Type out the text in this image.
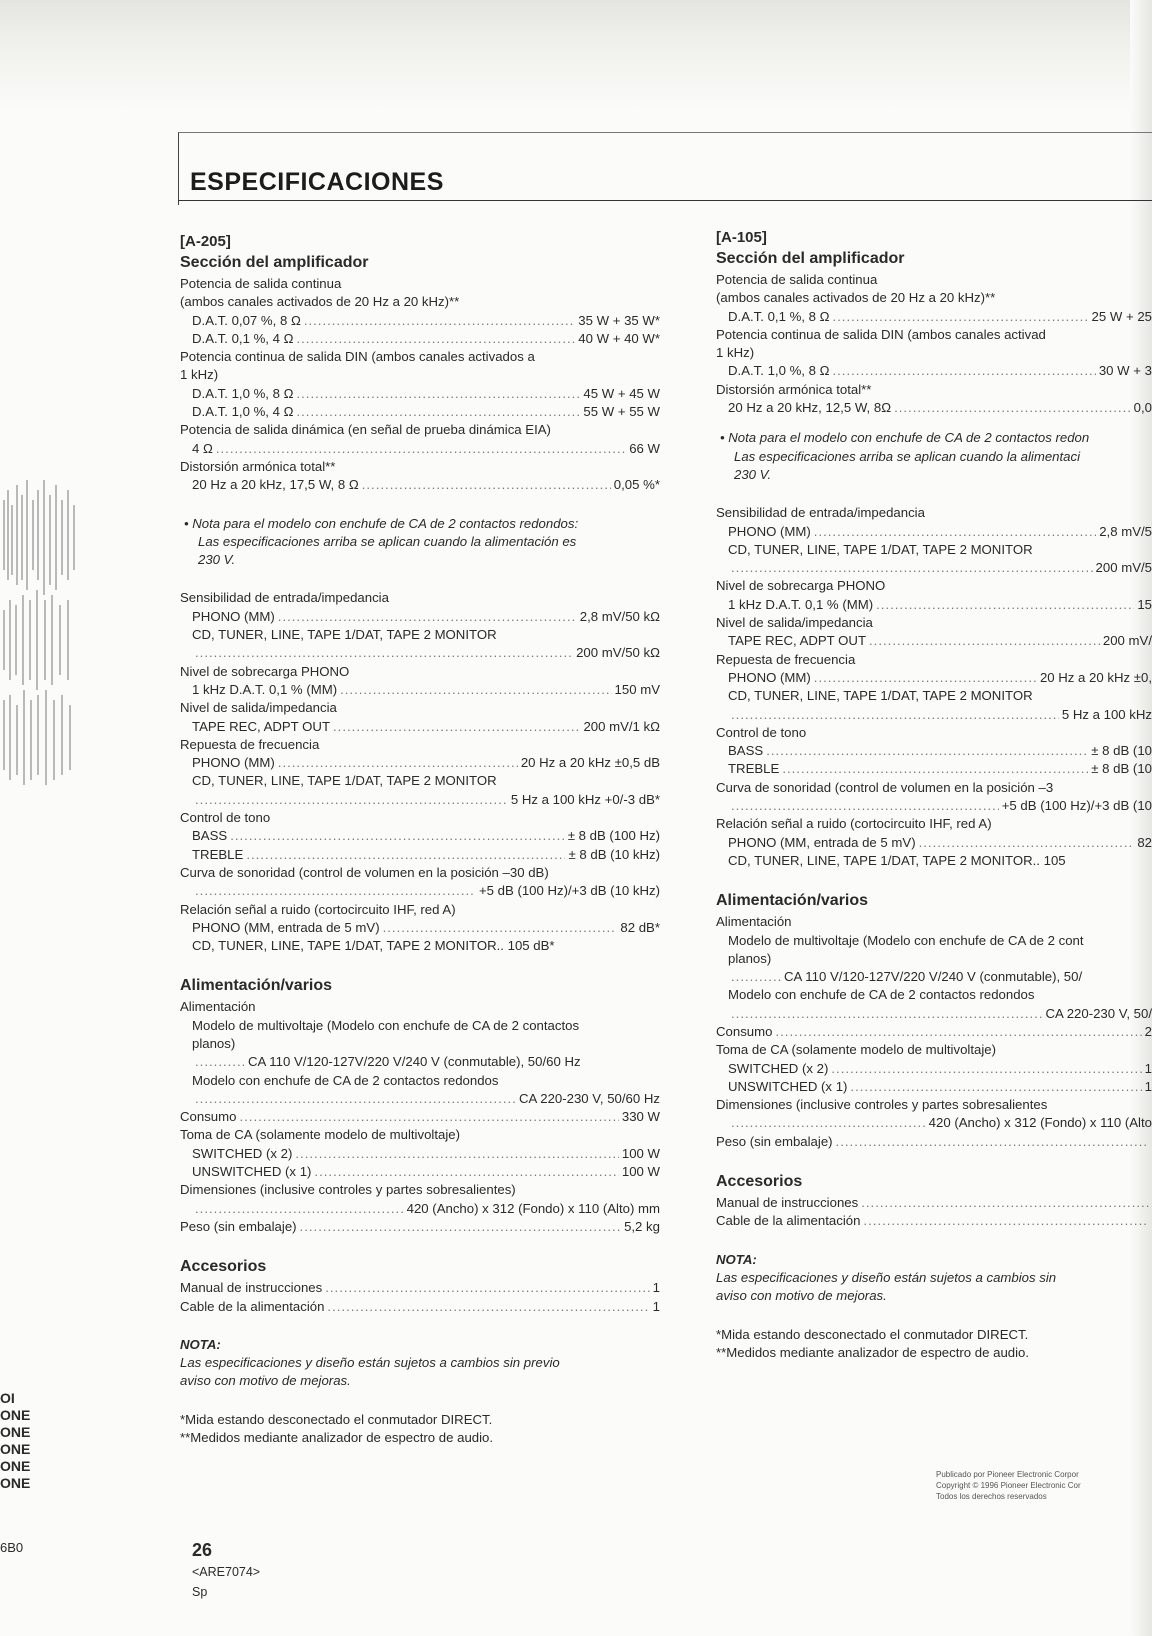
ESPECIFICACIONES
[A-205]
Sección del amplificador
Potencia de salida continua
(ambos canales activados de 20 Hz a 20 kHz)**
D.A.T. 0,07 %, 8 Ω .....	35 W + 35 W*
D.A.T. 0,1 %, 4 Ω .....	40 W + 40 W*
Potencia continua de salida DIN (ambos canales activados a
1 kHz)
D.A.T. 1,0 %, 8 Ω .....	45 W + 45 W
D.A.T. 1,0 %, 4 Ω .....	55 W + 55 W
Potencia de salida dinámica (en señal de prueba dinámica EIA)
4 Ω .....	66 W
Distorsión armónica total**
20 Hz a 20 kHz, 17,5 W, 8 Ω .....	0,05 %*
• Nota para el modelo con enchufe de CA de 2 contactos redondos:
Las especificaciones arriba se aplican cuando la alimentación es
230 V.
Sensibilidad de entrada/impedancia
PHONO (MM) .....	2,8 mV/50 kΩ
CD, TUNER, LINE, TAPE 1/DAT, TAPE 2 MONITOR
.....
200 mV/50 kΩ
Nivel de sobrecarga PHONO
1 kHz D.A.T. 0,1 % (MM) .....	150 mV
Nivel de salida/impedancia
TAPE REC, ADPT OUT .....	200 mV/1 kΩ
Repuesta de frecuencia
PHONO (MM) .....	20 Hz a 20 kHz ±0,5 dB
CD, TUNER, LINE, TAPE 1/DAT, TAPE 2 MONITOR
.....
5 Hz a 100 kHz +0/-3 dB*
Control de tono
BASS .....	± 8 dB (100 Hz)
TREBLE .....	± 8 dB (10 kHz)
Curva de sonoridad (control de volumen en la posición –30 dB)
.....
+5 dB (100 Hz)/+3 dB (10 kHz)
Relación señal a ruido (cortocircuito IHF, red A)
PHONO (MM, entrada de 5 mV) .....	82 dB*
CD, TUNER, LINE, TAPE 1/DAT, TAPE 2 MONITOR..
105 dB*
Alimentación/varios
Alimentación
Modelo de multivoltaje (Modelo con enchufe de CA de 2 contactos
planos)
.....
CA 110 V/120-127V/220 V/240 V (conmutable), 50/60 Hz
Modelo con enchufe de CA de 2 contactos redondos
.....
CA 220-230 V, 50/60 Hz
Consumo .....	330 W
Toma de CA (solamente modelo de multivoltaje)
SWITCHED (x 2) .....	100 W
UNSWITCHED (x 1) .....	100 W
Dimensiones (inclusive controles y partes sobresalientes)
.....
420 (Ancho) x 312 (Fondo) x 110 (Alto) mm
Peso (sin embalaje) .....	5,2 kg
Accesorios
Manual de instrucciones .....	1
Cable de la alimentación .....	1
NOTA:
Las especificaciones y diseño están sujetos a cambios sin previo
aviso con motivo de mejoras.
*Mida estando desconectado el conmutador DIRECT.
**Medidos mediante analizador de espectro de audio.
[A-105]
Sección del amplificador
Potencia de salida continua
(ambos canales activados de 20 Hz a 20 kHz)**
D.A.T. 0,1 %, 8 Ω .....	25 W + 25
Potencia continua de salida DIN (ambos canales activad
1 kHz)
D.A.T. 1,0 %, 8 Ω .....	30 W + 3
Distorsión armónica total**
20 Hz a 20 kHz, 12,5 W, 8Ω .....	0,0
• Nota para el modelo con enchufe de CA de 2 contactos redon
Las especificaciones arriba se aplican cuando la alimentaci
230 V.
Sensibilidad de entrada/impedancia
PHONO (MM) .....	2,8 mV/5
CD, TUNER, LINE, TAPE 1/DAT, TAPE 2 MONITOR
.....
200 mV/5
Nivel de sobrecarga PHONO
1 kHz D.A.T. 0,1 % (MM) .....	15
Nivel de salida/impedancia
TAPE REC, ADPT OUT .....	200 mV/
Repuesta de frecuencia
PHONO (MM) .....	20 Hz a 20 kHz ±0,
CD, TUNER, LINE, TAPE 1/DAT, TAPE 2 MONITOR
.....
5 Hz a 100 kHz
Control de tono
BASS .....	± 8 dB (10
TREBLE .....	± 8 dB (10
Curva de sonoridad (control de volumen en la posición –3
.....
+5 dB (100 Hz)/+3 dB (10
Relación señal a ruido (cortocircuito IHF, red A)
PHONO (MM, entrada de 5 mV) .....	82
CD, TUNER, LINE, TAPE 1/DAT, TAPE 2 MONITOR..
105
Alimentación/varios
Alimentación
Modelo de multivoltaje (Modelo con enchufe de CA de 2 cont
planos)
.....
CA 110 V/120-127V/220 V/240 V (conmutable), 50/
Modelo con enchufe de CA de 2 contactos redondos
.....
CA 220-230 V, 50/
Consumo .....	2
Toma de CA (solamente modelo de multivoltaje)
SWITCHED (x 2) .....	1
UNSWITCHED (x 1) .....	1
Dimensiones (inclusive controles y partes sobresalientes
.....
420 (Ancho) x 312 (Fondo) x 110 (Alto
Peso (sin embalaje)
.....
Accesorios
Manual de instrucciones
.....
Cable de la alimentación
.....
NOTA:
Las especificaciones y diseño están sujetos a cambios sin
aviso con motivo de mejoras.
*Mida estando desconectado el conmutador DIRECT.
**Medidos mediante analizador de espectro de audio.
26
<ARE7074>
Sp
Publicado por Pioneer Electronic Corpor
Copyright © 1996 Pioneer Electronic Cor
Todos los derechos reservados
OI
ONE
ONE
ONE
ONE
ONE
6B0
